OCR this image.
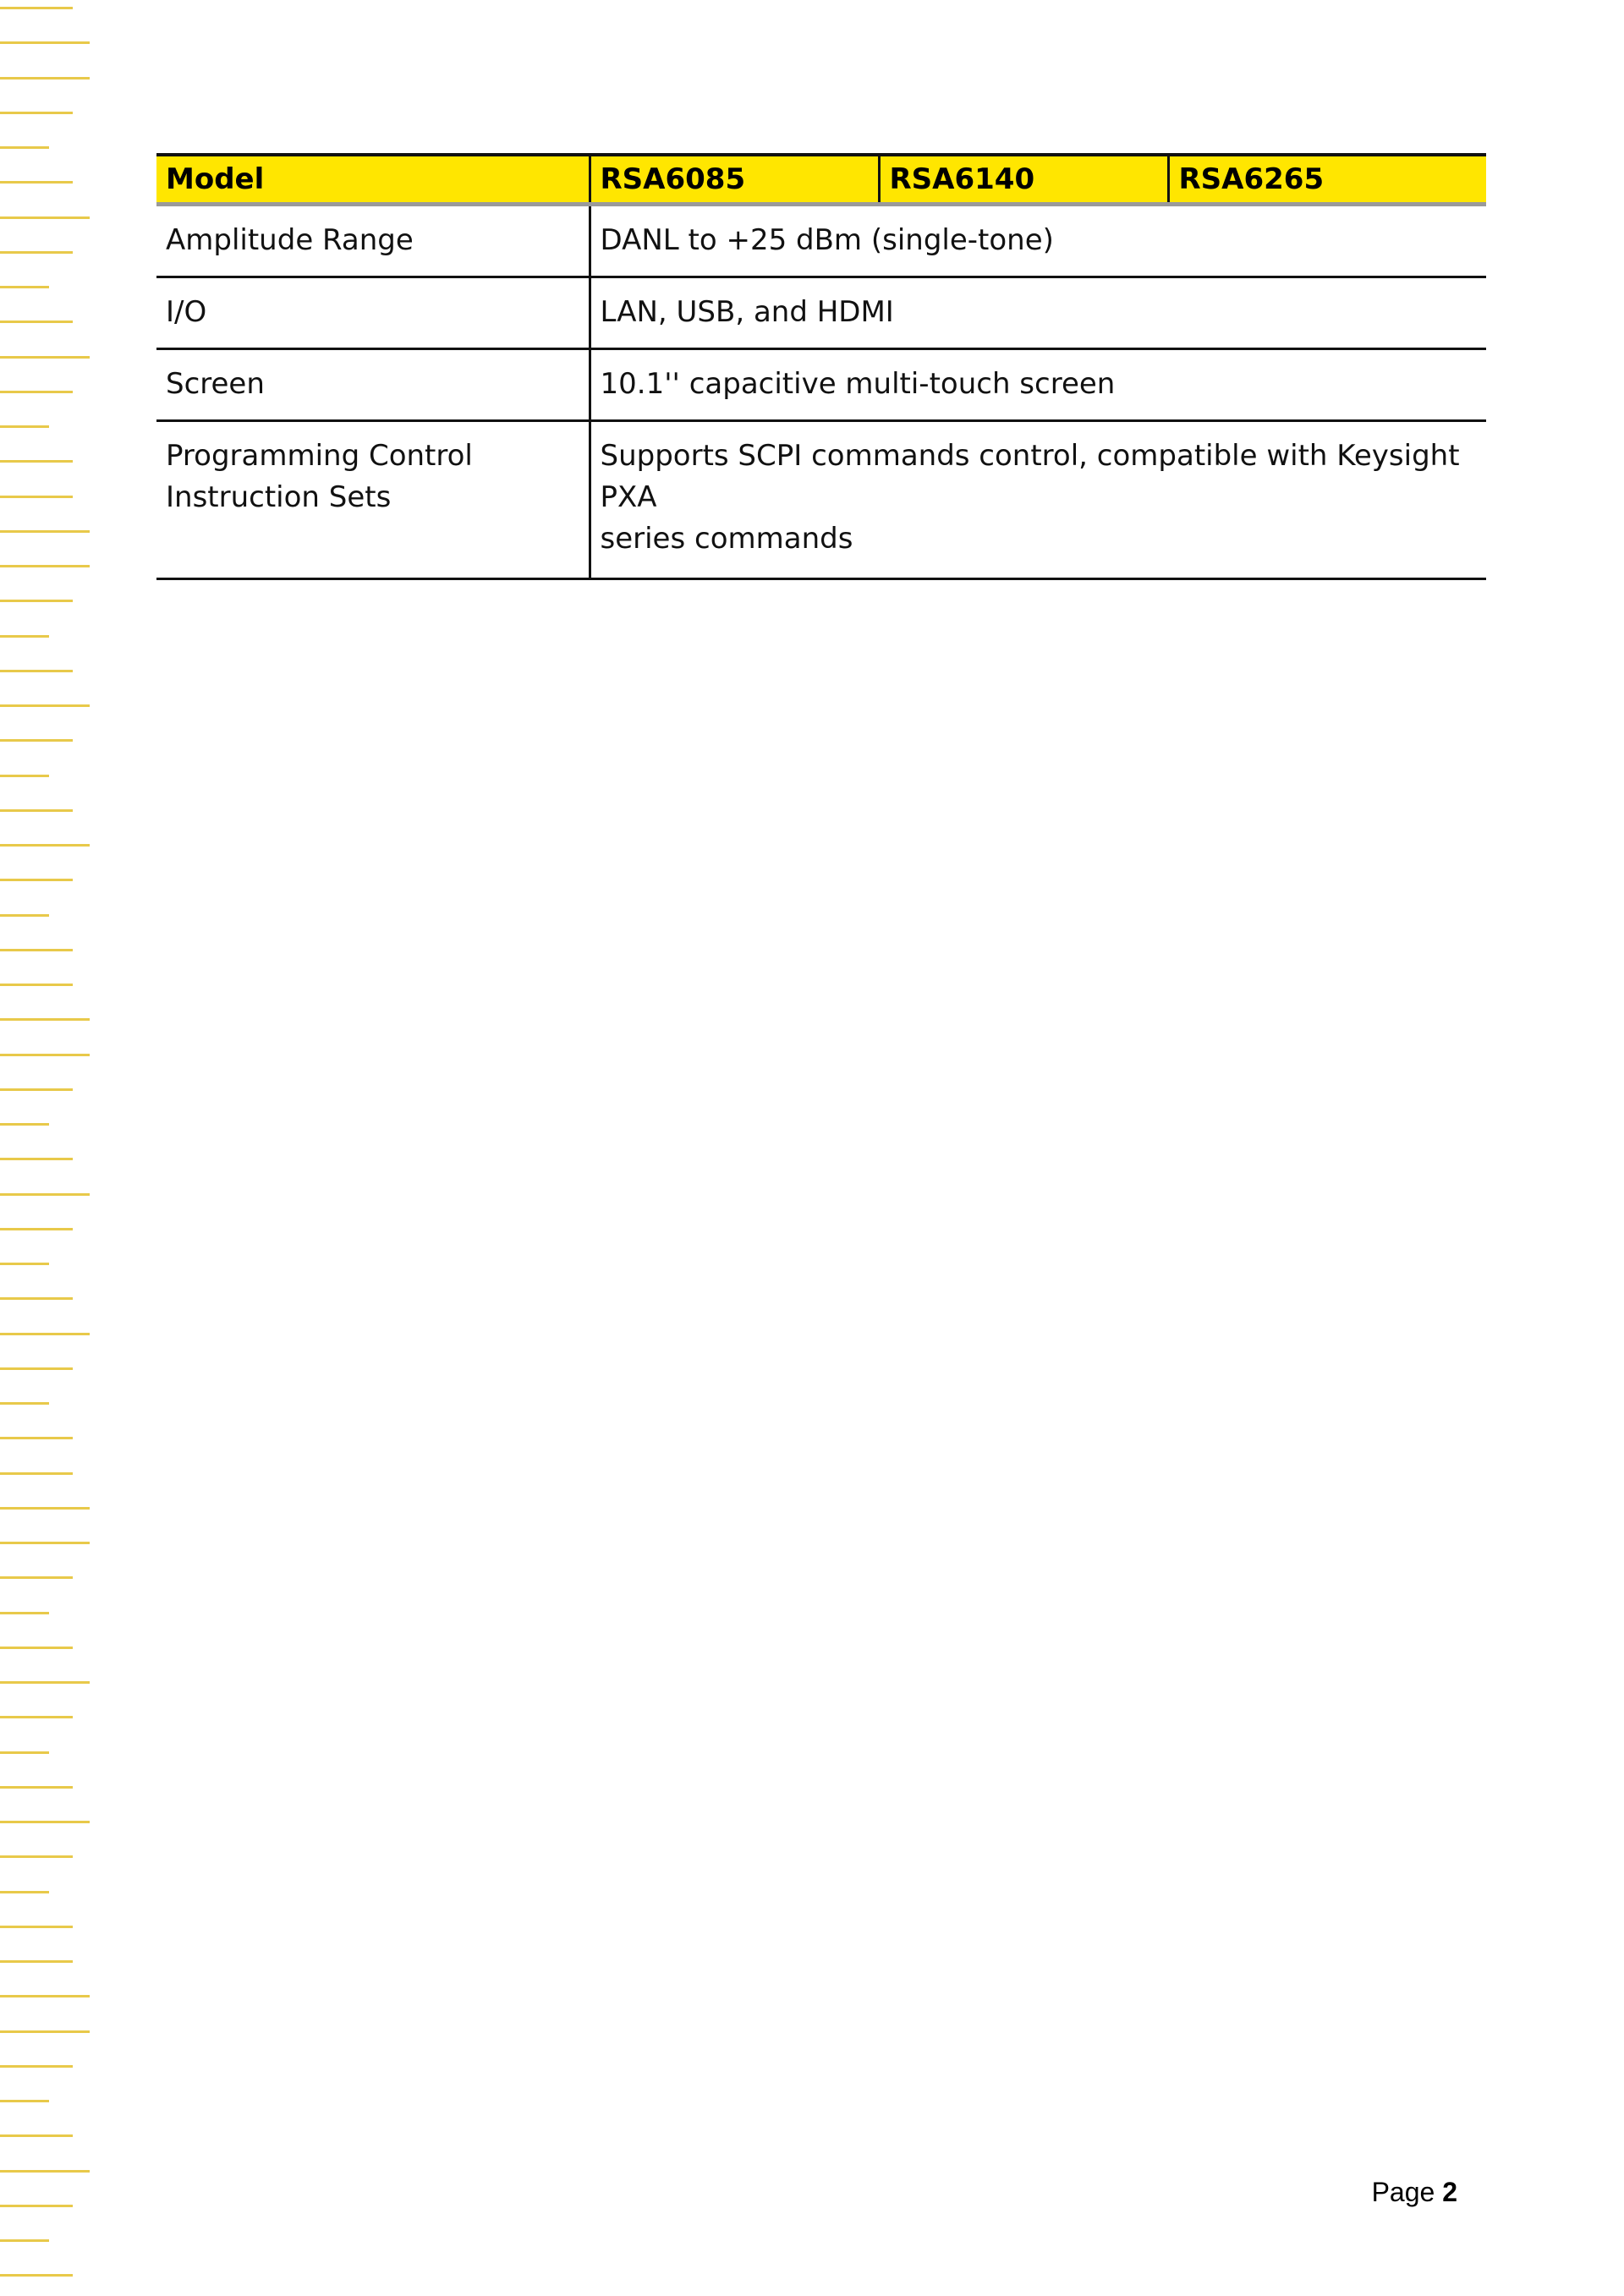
Model	RSA6085	RSA6140	RSA6265
Amplitude Range	DANL to +25 dBm (single-tone)		
I/O	LAN, USB, and HDMI		
Screen	10.1'' capacitive multi-touch screen		
Programming Control
Instruction Sets	Supports SCPI commands control, compatible with Keysight PXA
series commands		
Page 2
